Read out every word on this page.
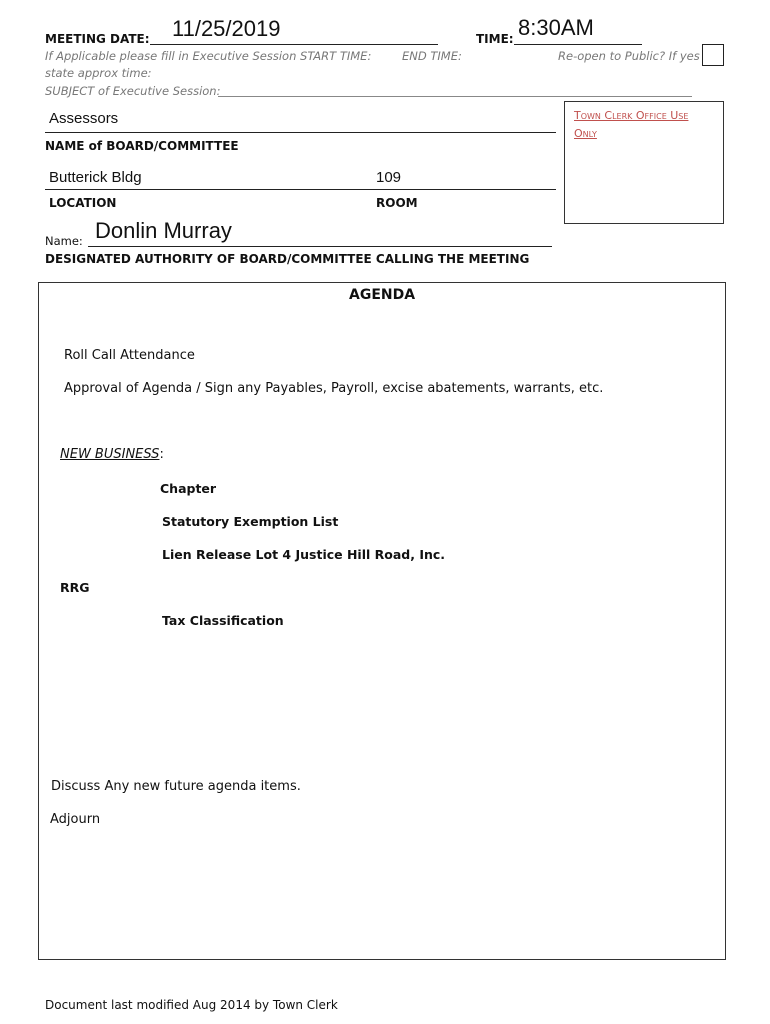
MEETING DATE: 11/25/2019	TIME: 8:30AM
If Applicable please fill in Executive Session START TIME:	END TIME:	Re-open to Public? If yes
state approx time:
SUBJECT of Executive Session:
Assessors
NAME of BOARD/COMMITTEE
Butterick Bldg	109
LOCATION	ROOM
Name: Donlin Murray
DESIGNATED AUTHORITY OF BOARD/COMMITTEE CALLING THE MEETING
Town Clerk Office Use
Only
AGENDA
Roll Call Attendance
Approval of Agenda / Sign any Payables, Payroll, excise abatements, warrants, etc.
NEW BUSINESS:
Chapter
Statutory Exemption List
Lien Release Lot 4 Justice Hill Road, Inc.
RRG
Tax Classification
Discuss Any new future agenda items.
Adjourn
Document last modified Aug 2014 by Town Clerk
